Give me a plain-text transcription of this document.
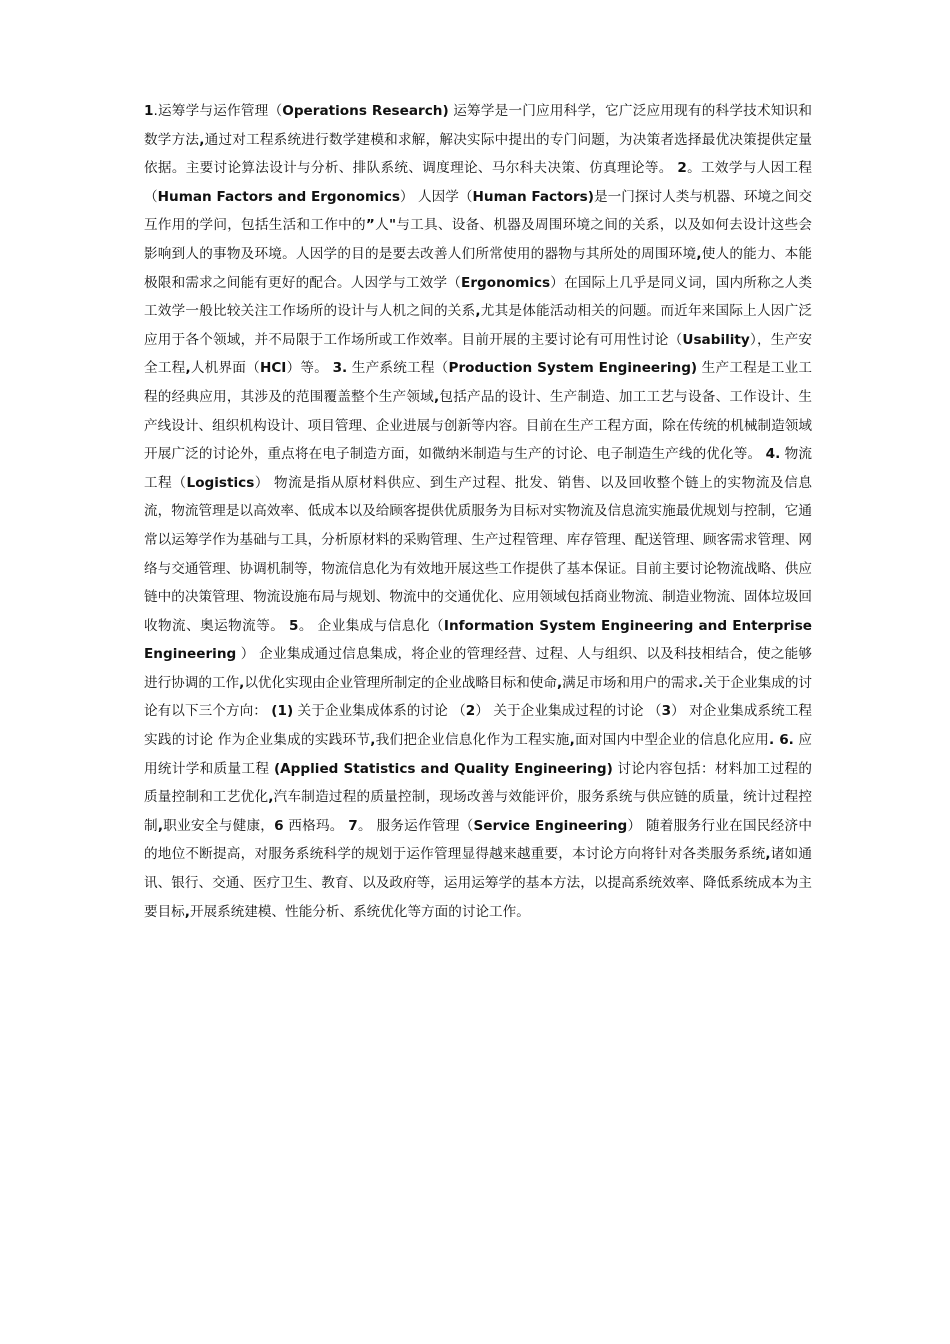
1.运筹学与运作管理（Operations Research) 运筹学是一门应用科学，它广泛应用现有的科学技术知识和数学方法,通过对工程系统进行数学建模和求解，解决实际中提出的专门问题，为决策者选择最优决策提供定量依据。主要讨论算法设计与分析、排队系统、调度理论、马尔科夫决策、仿真理论等。 2。工效学与人因工程（Human Factors and Ergonomics） 人因学（Human Factors)是一门探讨人类与机器、环境之间交互作用的学问，包括生活和工作中的”人"与工具、设备、机器及周围环境之间的关系，以及如何去设计这些会影响到人的事物及环境。人因学的目的是要去改善人们所常使用的器物与其所处的周围环境,使人的能力、本能极限和需求之间能有更好的配合。人因学与工效学（Ergonomics）在国际上几乎是同义词，国内所称之人类工效学一般比较关注工作场所的设计与人机之间的关系,尤其是体能活动相关的问题。而近年来国际上人因广泛应用于各个领域，并不局限于工作场所或工作效率。目前开展的主要讨论有可用性讨论（Usability），生产安全工程,人机界面（HCI）等。 3. 生产系统工程（Production System Engineering) 生产工程是工业工程的经典应用，其涉及的范围覆盖整个生产领域,包括产品的设计、生产制造、加工工艺与设备、工作设计、生产线设计、组织机构设计、项目管理、企业进展与创新等内容。目前在生产工程方面，除在传统的机械制造领域开展广泛的讨论外，重点将在电子制造方面，如微纳米制造与生产的讨论、电子制造生产线的优化等。 4. 物流工程（Logistics） 物流是指从原材料供应、到生产过程、批发、销售、以及回收整个链上的实物流及信息流，物流管理是以高效率、低成本以及给顾客提供优质服务为目标对实物流及信息流实施最优规划与控制，它通常以运筹学作为基础与工具，分析原材料的采购管理、生产过程管理、库存管理、配送管理、顾客需求管理、网络与交通管理、协调机制等，物流信息化为有效地开展这些工作提供了基本保证。目前主要讨论物流战略、供应链中的决策管理、物流设施布局与规划、物流中的交通优化、应用领域包括商业物流、制造业物流、固体垃圾回收物流、奥运物流等。 5。 企业集成与信息化（Information System Engineering and Enterprise Engineering ） 企业集成通过信息集成，将企业的管理经营、过程、人与组织、以及科技相结合，使之能够进行协调的工作,以优化实现由企业管理所制定的企业战略目标和使命,满足市场和用户的需求.关于企业集成的讨论有以下三个方向： (1) 关于企业集成体系的讨论 （2） 关于企业集成过程的讨论 （3） 对企业集成系统工程实践的讨论 作为企业集成的实践环节,我们把企业信息化作为工程实施,面对国内中型企业的信息化应用. 6. 应用统计学和质量工程 (Applied Statistics and Quality Engineering) 讨论内容包括：材料加工过程的质量控制和工艺优化,汽车制造过程的质量控制，现场改善与效能评价，服务系统与供应链的质量，统计过程控制,职业安全与健康，6 西格玛。 7。 服务运作管理（Service Engineering） 随着服务行业在国民经济中的地位不断提高，对服务系统科学的规划于运作管理显得越来越重要，本讨论方向将针对各类服务系统,诸如通讯、银行、交通、医疗卫生、教育、以及政府等，运用运筹学的基本方法，以提高系统效率、降低系统成本为主要目标,开展系统建模、性能分析、系统优化等方面的讨论工作。
